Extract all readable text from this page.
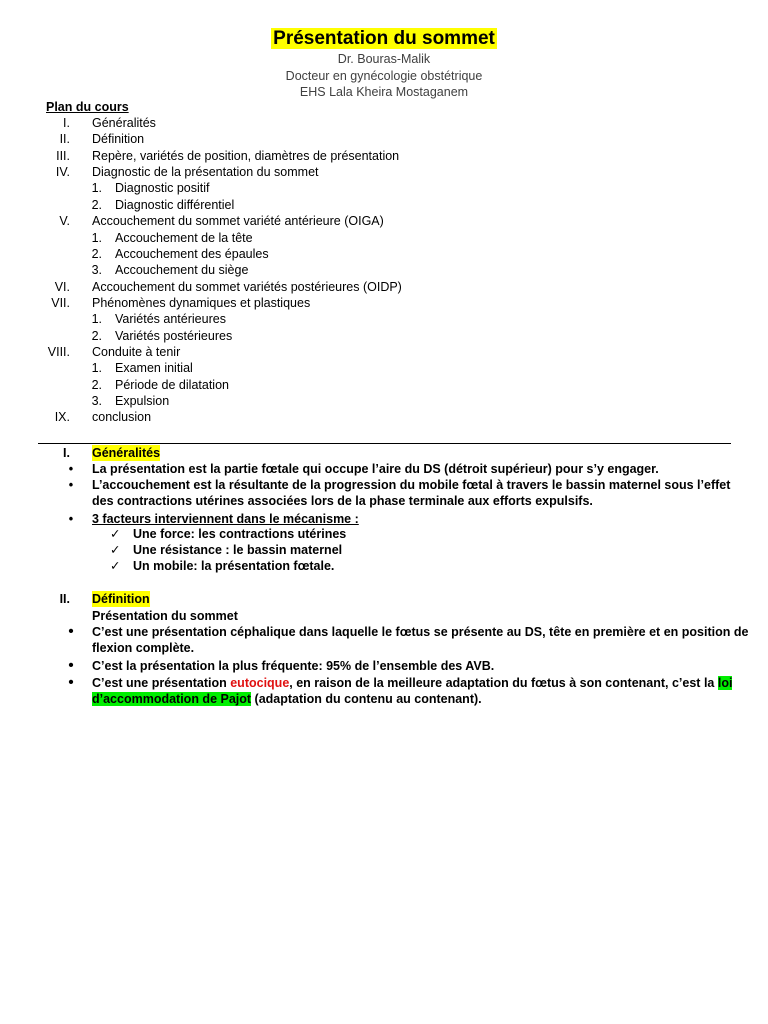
Présentation du sommet
Dr. Bouras-Malik
Docteur en gynécologie obstétrique
EHS Lala Kheira Mostaganem
Plan du cours
I. Généralités
II. Définition
III. Repère, variétés de position, diamètres de présentation
IV. Diagnostic de la présentation du sommet
1. Diagnostic positif
2. Diagnostic différentiel
V. Accouchement du sommet variété antérieure (OIGA)
1. Accouchement de la tête
2. Accouchement des épaules
3. Accouchement du siège
VI. Accouchement du sommet variétés postérieures (OIDP)
VII. Phénomènes dynamiques et plastiques
1. Variétés antérieures
2. Variétés postérieures
VIII. Conduite à tenir
1. Examen initial
2. Période de dilatation
3. Expulsion
IX. conclusion
I. Généralités
• La présentation est la partie fœtale qui occupe l’aire du DS (détroit supérieur) pour s’y engager.
• L’accouchement est la résultante de la progression du mobile fœtal à travers le bassin maternel sous l’effet
des contractions utérines associées lors de la phase terminale aux efforts expulsifs.
• 3 facteurs interviennent dans le mécanisme :
✓ Une force: les contractions utérines
✓ Une résistance : le bassin maternel
✓ Un mobile: la présentation fœtale.
II. Définition
Présentation du sommet
• C’est une présentation céphalique dans laquelle le fœtus se présente au DS, tête en première et en position de
flexion complète.
• C’est la présentation la plus fréquente: 95% de l’ensemble des AVB.
• C’est une présentation eutocique, en raison de la meilleure adaptation du fœtus à son contenant, c’est la loi
d’accommodation de Pajot (adaptation du contenu au contenant).
